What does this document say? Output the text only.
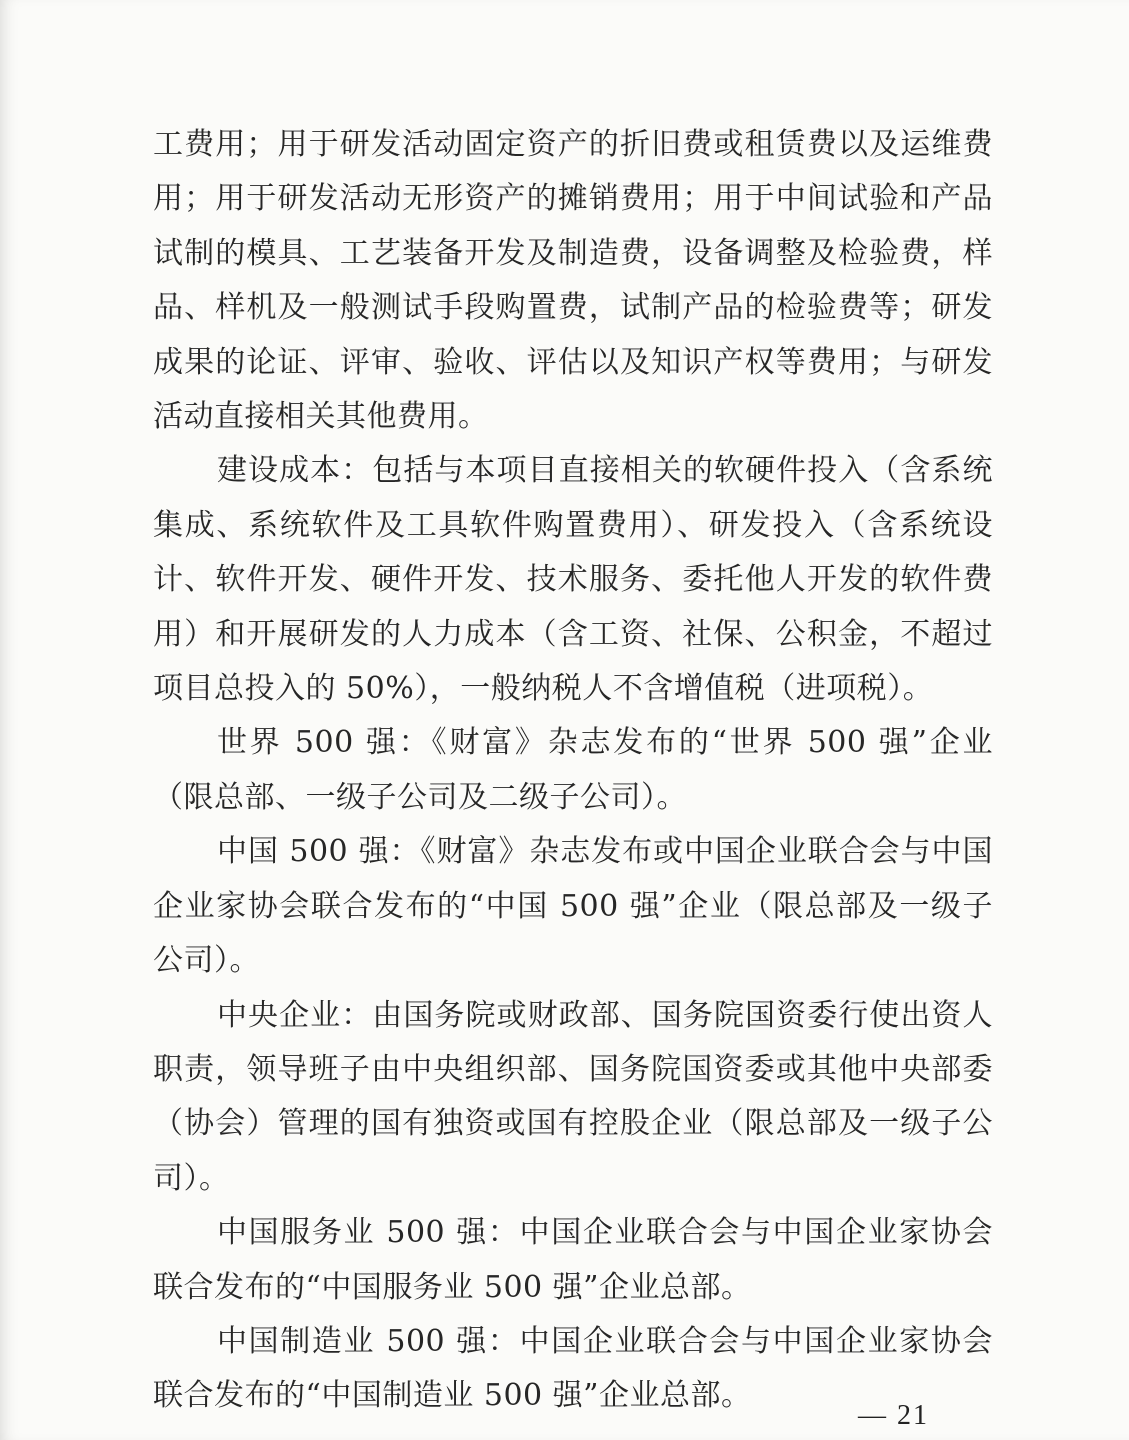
工费用；用于研发活动固定资产的折旧费或租赁费以及运维费用；用于研发活动无形资产的摊销费用；用于中间试验和产品试制的模具、工艺装备开发及制造费，设备调整及检验费，样品、样机及一般测试手段购置费，试制产品的检验费等；研发成果的论证、评审、验收、评估以及知识产权等费用；与研发活动直接相关其他费用。

建设成本：包括与本项目直接相关的软硬件投入（含系统集成、系统软件及工具软件购置费用）、研发投入（含系统设计、软件开发、硬件开发、技术服务、委托他人开发的软件费用）和开展研发的人力成本（含工资、社保、公积金，不超过项目总投入的 50%），一般纳税人不含增值税（进项税）。

世界 500 强：《财富》杂志发布的“世界 500 强”企业（限总部、一级子公司及二级子公司）。

中国 500 强：《财富》杂志发布或中国企业联合会与中国企业家协会联合发布的“中国 500 强”企业（限总部及一级子公司）。

中央企业：由国务院或财政部、国务院国资委行使出资人职责，领导班子由中央组织部、国务院国资委或其他中央部委（协会）管理的国有独资或国有控股企业（限总部及一级子公司）。

中国服务业 500 强：中国企业联合会与中国企业家协会联合发布的“中国服务业 500 强”企业总部。

中国制造业 500 强：中国企业联合会与中国企业家协会联合发布的“中国制造业 500 强”企业总部。

— 21
